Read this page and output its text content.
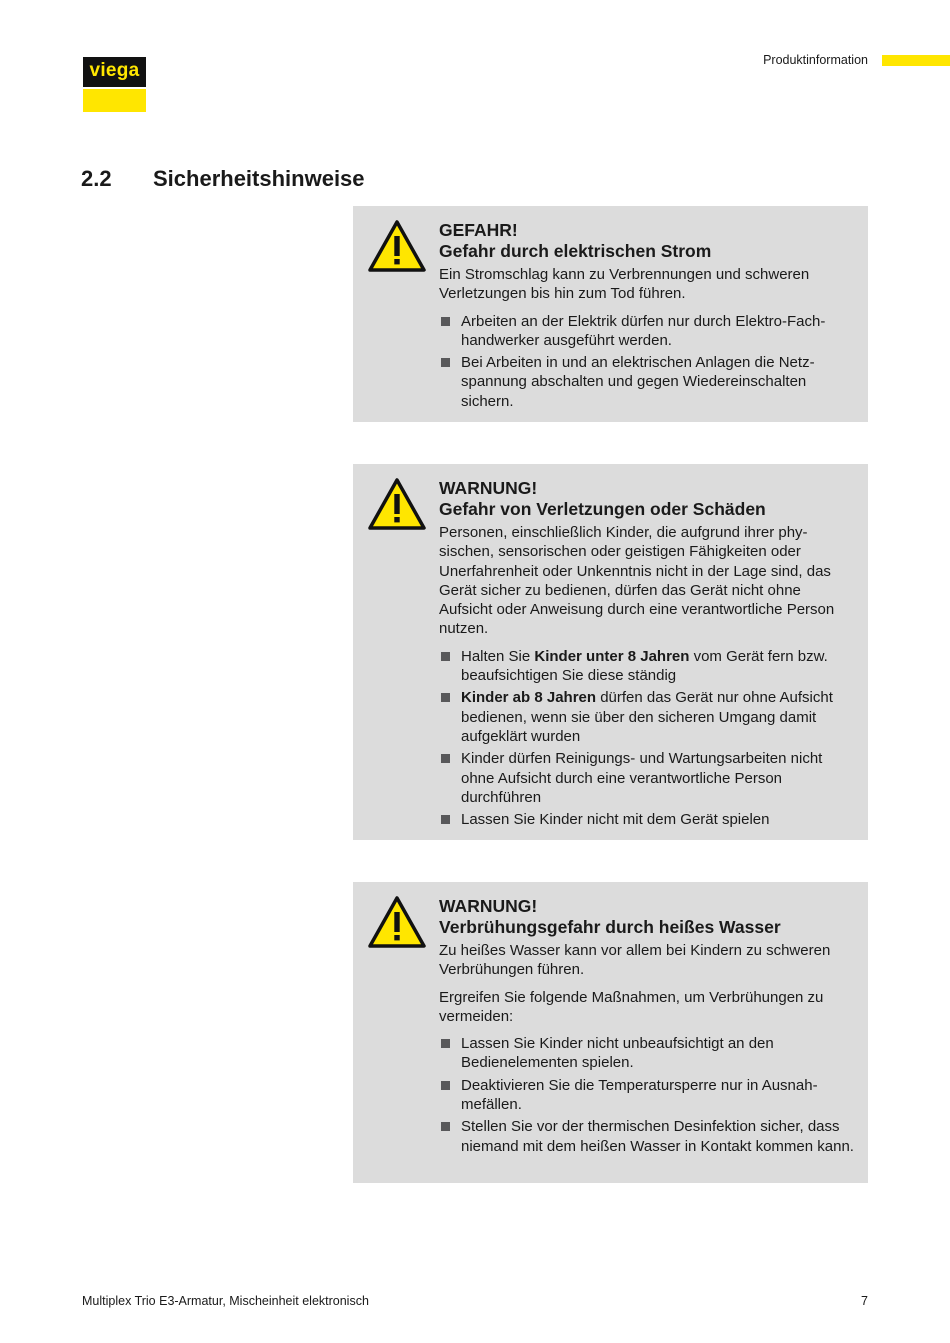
viega	Produktinformation
2.2 Sicherheitshinweise
GEFAHR!
Gefahr durch elektrischen Strom

Ein Stromschlag kann zu Verbrennungen und schweren Verletzungen bis hin zum Tod führen.

Arbeiten an der Elektrik dürfen nur durch Elektro-Fachhandwerker ausgeführt werden.
Bei Arbeiten in und an elektrischen Anlagen die Netzspannung abschalten und gegen Wiedereinschalten sichern.
WARNUNG!
Gefahr von Verletzungen oder Schäden

Personen, einschließlich Kinder, die aufgrund ihrer physischen, sensorischen oder geistigen Fähigkeiten oder Unerfahrenheit oder Unkenntnis nicht in der Lage sind, das Gerät sicher zu bedienen, dürfen das Gerät nicht ohne Aufsicht oder Anweisung durch eine verantwortliche Person nutzen.

Halten Sie Kinder unter 8 Jahren vom Gerät fern bzw. beaufsichtigen Sie diese ständig
Kinder ab 8 Jahren dürfen das Gerät nur ohne Aufsicht bedienen, wenn sie über den sicheren Umgang damit aufgeklärt wurden
Kinder dürfen Reinigungs- und Wartungsarbeiten nicht ohne Aufsicht durch eine verantwortliche Person durchführen
Lassen Sie Kinder nicht mit dem Gerät spielen
WARNUNG!
Verbrühungsgefahr durch heißes Wasser

Zu heißes Wasser kann vor allem bei Kindern zu schweren Verbrühungen führen.

Ergreifen Sie folgende Maßnahmen, um Verbrühungen zu vermeiden:

Lassen Sie Kinder nicht unbeaufsichtigt an den Bedienelementen spielen.
Deaktivieren Sie die Temperatursperre nur in Ausnahmefällen.
Stellen Sie vor der thermischen Desinfektion sicher, dass niemand mit dem heißen Wasser in Kontakt kommen kann.
Multiplex Trio E3-Armatur, Mischeinheit elektronisch	7
